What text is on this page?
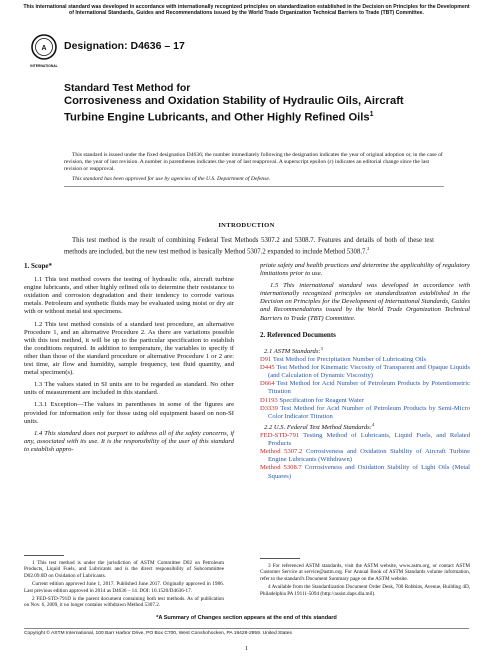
This international standard was developed in accordance with internationally recognized principles on standardization established in the Decision on Principles for the Development of International Standards, Guides and Recommendations issued by the World Trade Organization Technical Barriers to Trade (TBT) Committee.
A
INTERNATIONAL
Designation: D4636 – 17
Standard Test Method for
Corrosiveness and Oxidation Stability of Hydraulic Oils, Aircraft Turbine Engine Lubricants, and Other Highly Refined Oils$^1$

This standard is issued under the fixed designation D4636; the number immediately following the designation indicates the year of original adoption or, in the case of revision, the year of last revision. A number in parentheses indicates the year of last reapproval. A superscript epsilon (ε) indicates an editorial change since the last revision or reapproval.

This standard has been approved for use by agencies of the U.S. Department of Defense.

INTRODUCTION
This test method is the result of combining Federal Test Methods 5307.2 and 5308.7. Features and details of both of these test methods are included, but the new test method is basically Method 5307.2 expanded to include Method 5308.7.$^2$
1. Scope*

1.1 This test method covers the testing of hydraulic oils, aircraft turbine engine lubricants, and other highly refined oils to determine their resistance to oxidation and corrosion degradation and their tendency to corrode various metals. Petroleum and synthetic fluids may be evaluated using moist or dry air with or without metal test specimens.

1.2 This test method consists of a standard test procedure, an alternative Procedure 1, and an alternative Procedure 2. As there are variations possible with this test method, it will be up to the particular specification to establish the conditions required. In addition to temperature, the variables to specify if other than those of the standard procedure or alternative Procedure 1 or 2 are: test time, air flow and humidity, sample frequency, test fluid quantity, and metal specimen(s).

1.3 The values stated in SI units are to be regarded as standard. No other units of measurement are included in this standard.

1.3.1 Exception—The values in parentheses in some of the figures are provided for information only for those using old equipment based on non-SI units.

1.4 This standard does not purport to address all of the safety concerns, if any, associated with its use. It is the responsibility of the user of this standard to establish appro-

priate safety and health practices and determine the applicability of regulatory limitations prior to use.

1.5 This international standard was developed in accordance with internationally recognized principles on standardization established in the Decision on Principles for the Development of International Standards, Guides and Recommendations issued by the World Trade Organization Technical Barriers to Trade (TBT) Committee.

2. Referenced Documents
2.1 ASTM Standards:$^3$
D91 Test Method for Precipitation Number of Lubricating Oils
D445 Test Method for Kinematic Viscosity of Transparent and Opaque Liquids (and Calculation of Dynamic Viscosity)
D664 Test Method for Acid Number of Petroleum Products by Potentiometric Titration
D1193 Specification for Reagent Water
D3339 Test Method for Acid Number of Petroleum Products by Semi-Micro Color Indicator Titration
2.2 U.S. Federal Test Method Standards:$^4$
FED-STD-791 Testing Method of Lubricants, Liquid Fuels, and Related Products
Method 5307.2 Corrosiveness and Oxidation Stability of Aircraft Turbine Engine Lubricants (Withdrawn)
Method 5308.7 Corrosiveness and Oxidation Stability of Light Oils (Metal Squares)

1 This test method is under the jurisdiction of ASTM Committee D02 on Petroleum Products, Liquid Fuels, and Lubricants and is the direct responsibility of Subcommittee D02.09.0D on Oxidation of Lubricants.

Current edition approved June 1, 2017. Published June 2017. Originally approved in 1986. Last previous edition approved in 2014 as D4636 – 14. DOI: 10.1520/D4636-17.

2 FED-STD-791D is the parent document containing both test methods. As of publication on Nov. 6, 2009, it no longer contains withdrawn Method 5307.2.

3 For referenced ASTM standards, visit the ASTM website, www.astm.org, or contact ASTM Customer Service at service@astm.org. For Annual Book of ASTM Standards volume information, refer to the standard's Document Summary page on the ASTM website.

4 Available from the Standardization Document Order Desk, 700 Robbins, Avenue, Building 4D, Philadelphia PA 19111-5094 (http://assist.daps.dla.mil).

*A Summary of Changes section appears at the end of this standard
Copyright © ASTM International, 100 Barr Harbor Drive, PO Box C700, West Conshohocken, PA 19428-2959. United States
1
